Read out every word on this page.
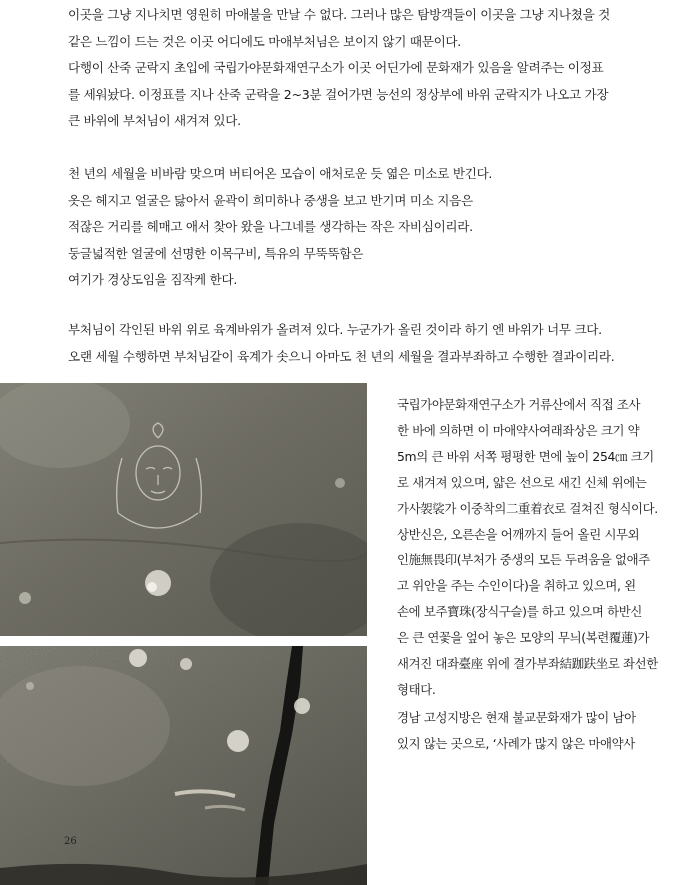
이곳을 그냥 지나치면 영원히 마애불을 만날 수 없다. 그러나 많은 탐방객들이 이곳을 그냥 지나쳤을 것
같은 느낌이 드는 것은 이곳 어디에도 마애부처님은 보이지 않기 때문이다.
다행이 산죽 군락지 초입에 국립가야문화재연구소가 이곳 어딘가에 문화재가 있음을 알려주는 이정표
를 세워놨다. 이정표를 지나 산죽 군락을 2~3분 걸어가면 능선의 정상부에 바위 군락지가 나오고 가장
큰 바위에 부처님이 새겨져 있다.

천 년의 세월을 비바람 맞으며 버티어온 모습이 애처로운 듯 엷은 미소로 반긴다.
옷은 헤지고 얼굴은 닳아서 윤곽이 희미하나 중생을 보고 반기며 미소 지음은
적잖은 거리를 헤매고 애서 찾아 왔을 나그네를 생각하는 작은 자비심이리라.
둥글넓적한 얼굴에 선명한 이목구비, 특유의 무뚝뚝함은
여기가 경상도임을 짐작케 한다.

부처님이 각인된 바위 위로 육계바위가 올려져 있다. 누군가가 올린 것이라 하기 엔 바위가 너무 크다.
오랜 세월 수행하면 부처님같이 육계가 솟으니 아마도 천 년의 세월을 결과부좌하고 수행한 결과이리라.

26

국립가야문화재연구소가 거류산에서 직접 조사
한 바에 의하면 이 마애약사여래좌상은 크기 약
5m의 큰 바위 서쪽 평평한 면에 높이 254㎝ 크기
로 새겨져 있으며, 얇은 선으로 새긴 신체 위에는
가사袈裟가 이중착의二重着衣로 걸쳐진 형식이다.
상반신은, 오른손을 어깨까지 들어 올린 시무외
인施無畏印(부처가 중생의 모든 두려움을 없애주
고 위안을 주는 수인이다)을 취하고 있으며, 왼
손에 보주寶珠(장식구슬)를 하고 있으며 하반신
은 큰 연꽃을 엎어 놓은 모양의 무늬(복련覆蓮)가
새겨진 대좌臺座 위에 결가부좌結跏趺坐로 좌선한
형태다.

경남 고성지방은 현재 불교문화재가 많이 남아
있지 않는 곳으로, ‘사례가 많지 않은 마애약사
